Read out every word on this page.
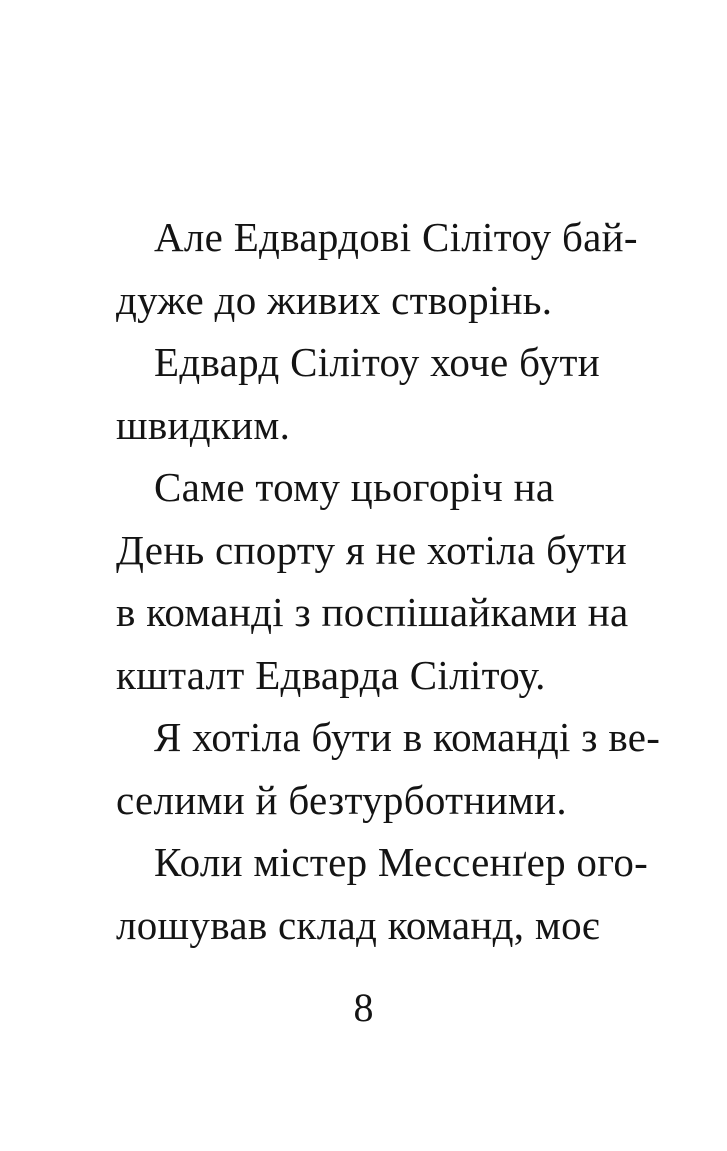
Але Едвардові Сілітоу бай-
дуже до живих створінь.
Едвард Сілітоу хоче бути
швидким.
Саме тому цьогоріч на
День спорту я не хотіла бути
в команді з поспішайками на
кшталт Едварда Сілітоу.
Я хотіла бути в команді з ве-
селими й безтурботними.
Коли містер Мессенґер ого-
лошував склад команд, моє
8
